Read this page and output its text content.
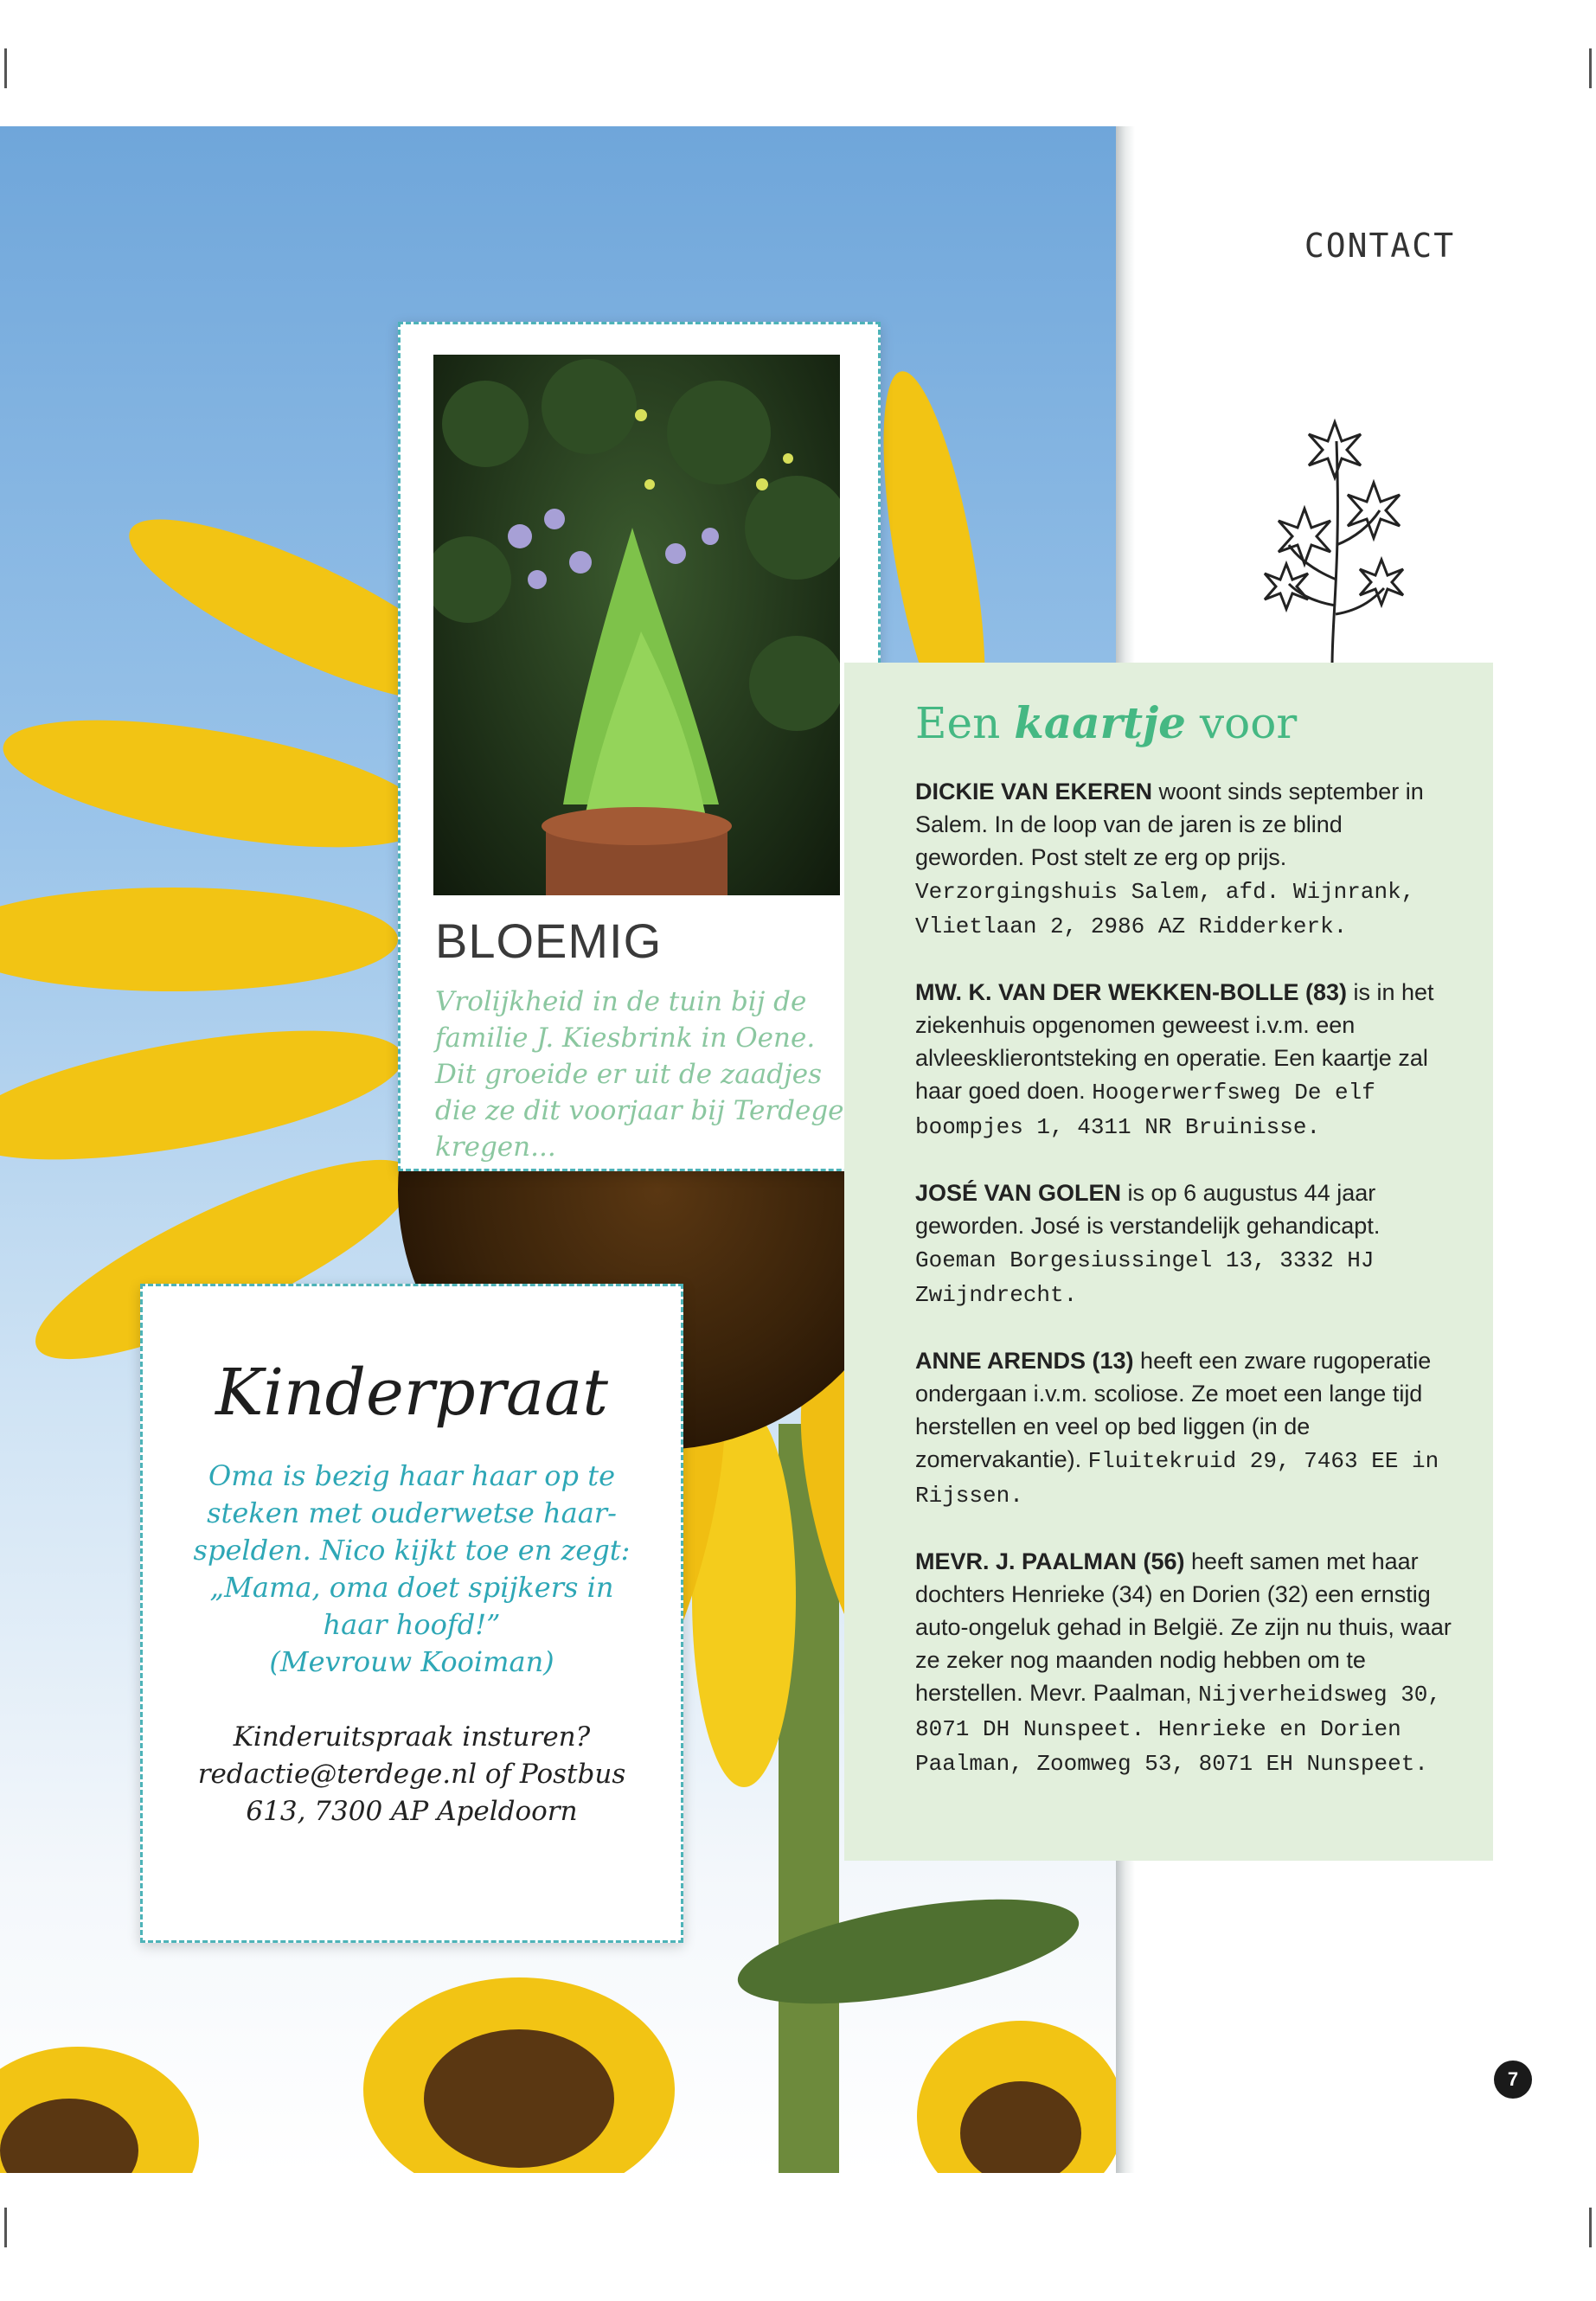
CONTACT
BLOEMIG
Vrolijkheid in de tuin bij de familie J. Kiesbrink in Oene. Dit groeide er uit de zaadjes die ze dit voorjaar bij Terdege kregen...
Kinderpraat
Oma is bezig haar haar op te steken met ouderwetse haar-spelden. Nico kijkt toe en zegt: „Mama, oma doet spijkers in haar hoofd!”
(Mevrouw Kooiman)
Kinderuitspraak insturen?
redactie@terdege.nl of Postbus 613, 7300 AP Apeldoorn
Een kaartje voor
DICKIE VAN EKEREN woont sinds september in Salem. In de loop van de jaren is ze blind geworden. Post stelt ze erg op prijs. Verzorgingshuis Salem, afd. Wijnrank, Vlietlaan 2, 2986 AZ Ridderkerk.
MW. K. VAN DER WEKKEN-BOLLE (83) is in het ziekenhuis opgenomen geweest i.v.m. een alvleesklierontsteking en operatie. Een kaartje zal haar goed doen. Hoogerwerfsweg De elf boompjes 1, 4311 NR Bruinisse.
JOSÉ VAN GOLEN is op 6 augustus 44 jaar geworden. José is verstandelijk gehandicapt. Goeman Borgesiussingel 13, 3332 HJ Zwijndrecht.
ANNE ARENDS (13) heeft een zware rugoperatie ondergaan i.v.m. scoliose. Ze moet een lange tijd herstellen en veel op bed liggen (in de zomervakantie). Fluitekruid 29, 7463 EE in Rijssen.
MEVR. J. PAALMAN (56) heeft samen met haar dochters Henrieke (34) en Dorien (32) een ernstig auto-ongeluk gehad in België. Ze zijn nu thuis, waar ze zeker nog maanden nodig hebben om te herstellen. Mevr. Paalman, Nijverheidsweg 30, 8071 DH Nunspeet. Henrieke en Dorien Paalman, Zoomweg 53, 8071 EH Nunspeet.
7
